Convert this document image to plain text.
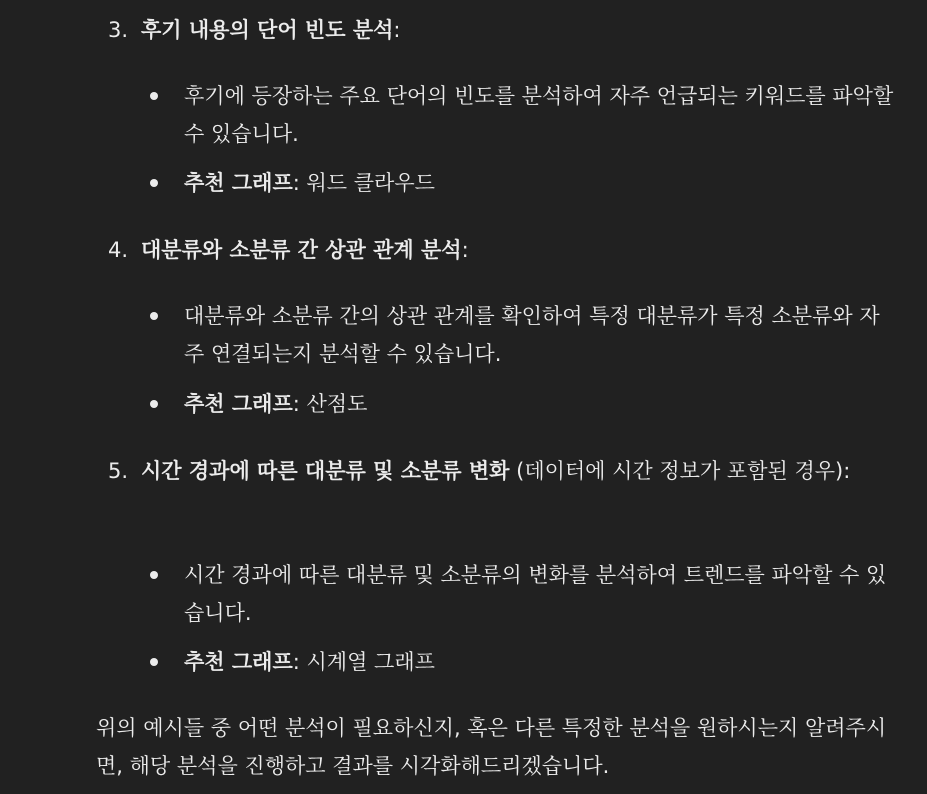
3. 후기 내용의 단어 빈도 분석:
후기에 등장하는 주요 단어의 빈도를 분석하여 자주 언급되는 키워드를 파악할 수 있습니다.
추천 그래프: 워드 클라우드
4. 대분류와 소분류 간 상관 관계 분석:
대분류와 소분류 간의 상관 관계를 확인하여 특정 대분류가 특정 소분류와 자주 연결되는지 분석할 수 있습니다.
추천 그래프: 산점도
5. 시간 경과에 따른 대분류 및 소분류 변화 (데이터에 시간 정보가 포함된 경우):
시간 경과에 따른 대분류 및 소분류의 변화를 분석하여 트렌드를 파악할 수 있습니다.
추천 그래프: 시계열 그래프
위의 예시들 중 어떤 분석이 필요하신지, 혹은 다른 특정한 분석을 원하시는지 알려주시면, 해당 분석을 진행하고 결과를 시각화해드리겠습니다.
